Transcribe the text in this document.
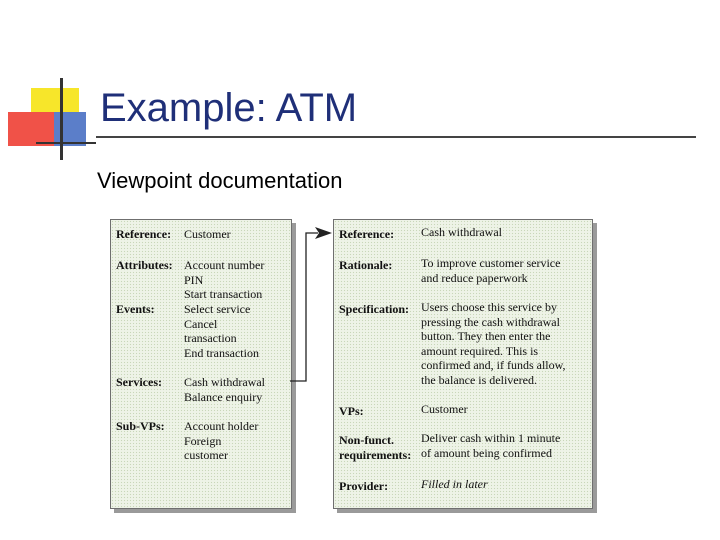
Example: ATM
Viewpoint documentation
Reference: Customer
Attributes: Account number
PIN
Start transaction
Events: Select service
Cancel
transaction
End transaction
Services: Cash withdrawal
Balance enquiry
Sub-VPs: Account holder
Foreign
customer
Reference: Cash withdrawal
Rationale: To improve customer service
and reduce paperwork
Specification: Users choose this service by
pressing the cash withdrawal
button. They then enter the
amount required. This is
confirmed and, if funds allow,
the balance is delivered.
VPs:	Customer
Non-funct.
requirements:
Deliver cash within 1 minute
of amount being confirmed
Provider:	Filled in later
